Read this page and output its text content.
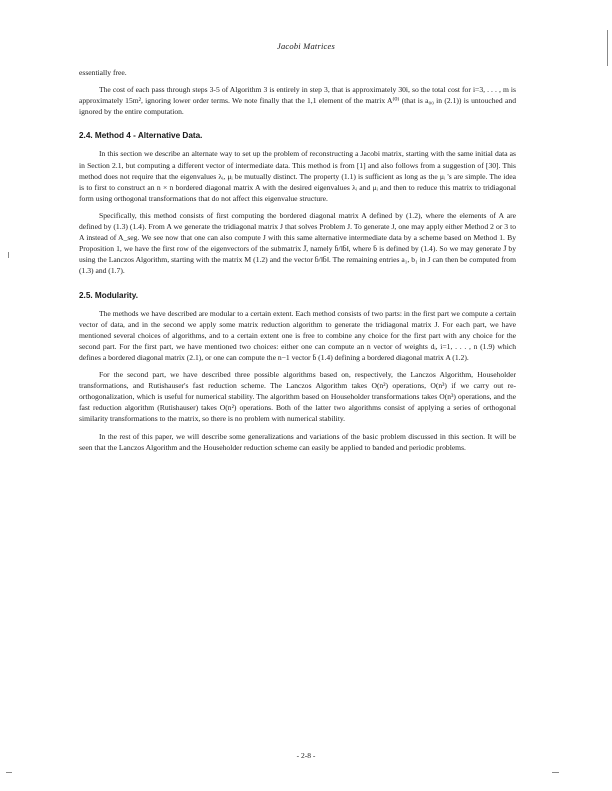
Jacobi Matrices

essentially free.

The cost of each pass through steps 3-5 of Algorithm 3 is entirely in step 3, that is approximately 30i, so the total cost for i=3, . . . , m is approximately 15m², ignoring lower order terms. We note finally that the 1,1 element of the matrix A⁽⁰⁾ (that is a₀₀ in (2.1)) is untouched and ignored by the entire computation.

2.4. Method 4 - Alternative Data.

In this section we describe an alternate way to set up the problem of reconstructing a Jacobi matrix, starting with the same initial data as in Section 2.1, but computing a different vector of intermediate data. This method is from [1] and also follows from a suggestion of [30]. This method does not require that the eigenvalues λᵢ, μᵢ be mutually distinct. The property (1.1) is sufficient as long as the μᵢ 's are simple. The idea is to first to construct an n × n bordered diagonal matrix A with the desired eigenvalues λᵢ and μᵢ and then to reduce this matrix to tridiagonal form using orthogonal transformations that do not affect this eigenvalue structure.

Specifically, this method consists of first computing the bordered diagonal matrix A defined by (1.2), where the elements of A are defined by (1.3) (1.4). From A we generate the tridiagonal matrix J that solves Problem J. To generate J, one may apply either Method 2 or 3 to A instead of A_seg. We see now that one can also compute J with this same alternative intermediate data by a scheme based on Method 1. By Proposition 1, we have the first row of the eigenvectors of the submatrix J̄, namely b̄/‖b̄‖, where b̄ is defined by (1.4). So we may generate J̄ by using the Lanczos Algorithm, starting with the matrix M (1.2) and the vector b̄/‖b̄‖. The remaining entries a₁, b₁ in J can then be computed from (1.3) and (1.7).

2.5. Modularity.

The methods we have described are modular to a certain extent. Each method consists of two parts: in the first part we compute a certain vector of data, and in the second we apply some matrix reduction algorithm to generate the tridiagonal matrix J. For each part, we have mentioned several choices of algorithms, and to a certain extent one is free to combine any choice for the first part with any choice for the second part. For the first part, we have mentioned two choices: either one can compute an n vector of weights dᵢ, i=1, . . . , n (1.9) which defines a bordered diagonal matrix (2.1), or one can compute the n−1 vector b̄ (1.4) defining a bordered diagonal matrix A (1.2).

For the second part, we have described three possible algorithms based on, respectively, the Lanczos Algorithm, Householder transformations, and Rutishauser's fast reduction scheme. The Lanczos Algorithm takes O(n²) operations, O(n³) if we carry out re-orthogonalization, which is useful for numerical stability. The algorithm based on Householder transformations takes O(n³) operations, and the fast reduction algorithm (Rutishauser) takes O(n²) operations. Both of the latter two algorithms consist of applying a series of orthogonal similarity transformations to the matrix, so there is no problem with numerical stability.

In the rest of this paper, we will describe some generalizations and variations of the basic problem discussed in this section. It will be seen that the Lanczos Algorithm and the Householder reduction scheme can easily be applied to banded and periodic problems.

- 2-8 -
